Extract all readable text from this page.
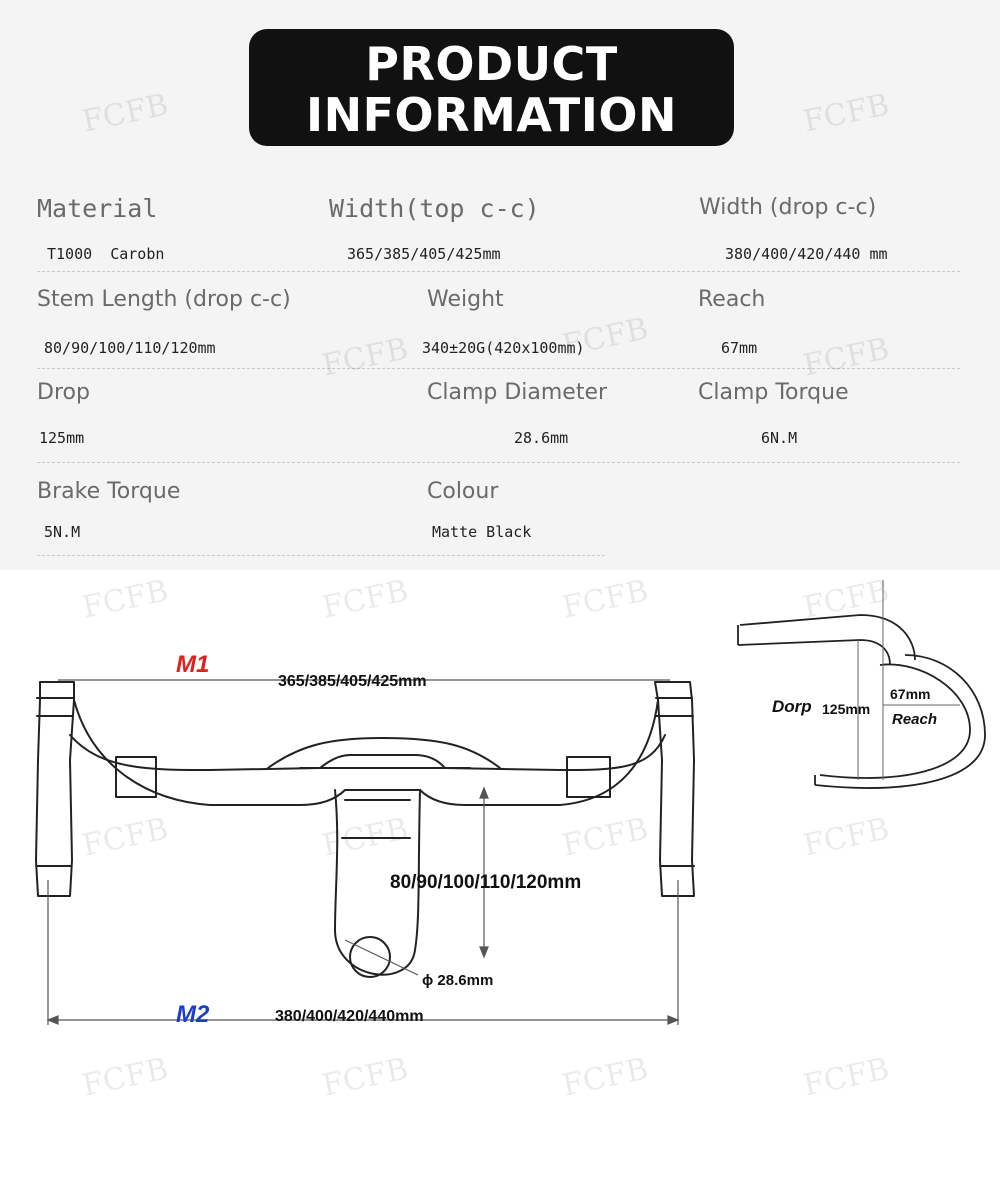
PRODUCT
INFORMATION
Material
T1000  Carobn
Width(top c-c)
365/385/405/425mm
Width (drop c-c)
380/400/420/440 mm
Stem Length (drop c-c)
80/90/100/110/120mm
Weight
340±20G(420x100mm)
Reach
67mm
Drop
125mm
Clamp Diameter
28.6mm
Clamp Torque
6N.M
Brake Torque
5N.M
Colour
Matte Black
FCFB	FCFB
FCFB	FCFB	FCFB
FCFB	FCFB	FCFB	FCFB
FCFB	FCFB	FCFB	FCFB
FCFB	FCFB	FCFB	FCFB
M1
365/385/405/425mm
M2	380/400/420/440mm
80/90/100/110/120mm
ϕ 28.6mm
Dorp 125mm
67mm
Reach
